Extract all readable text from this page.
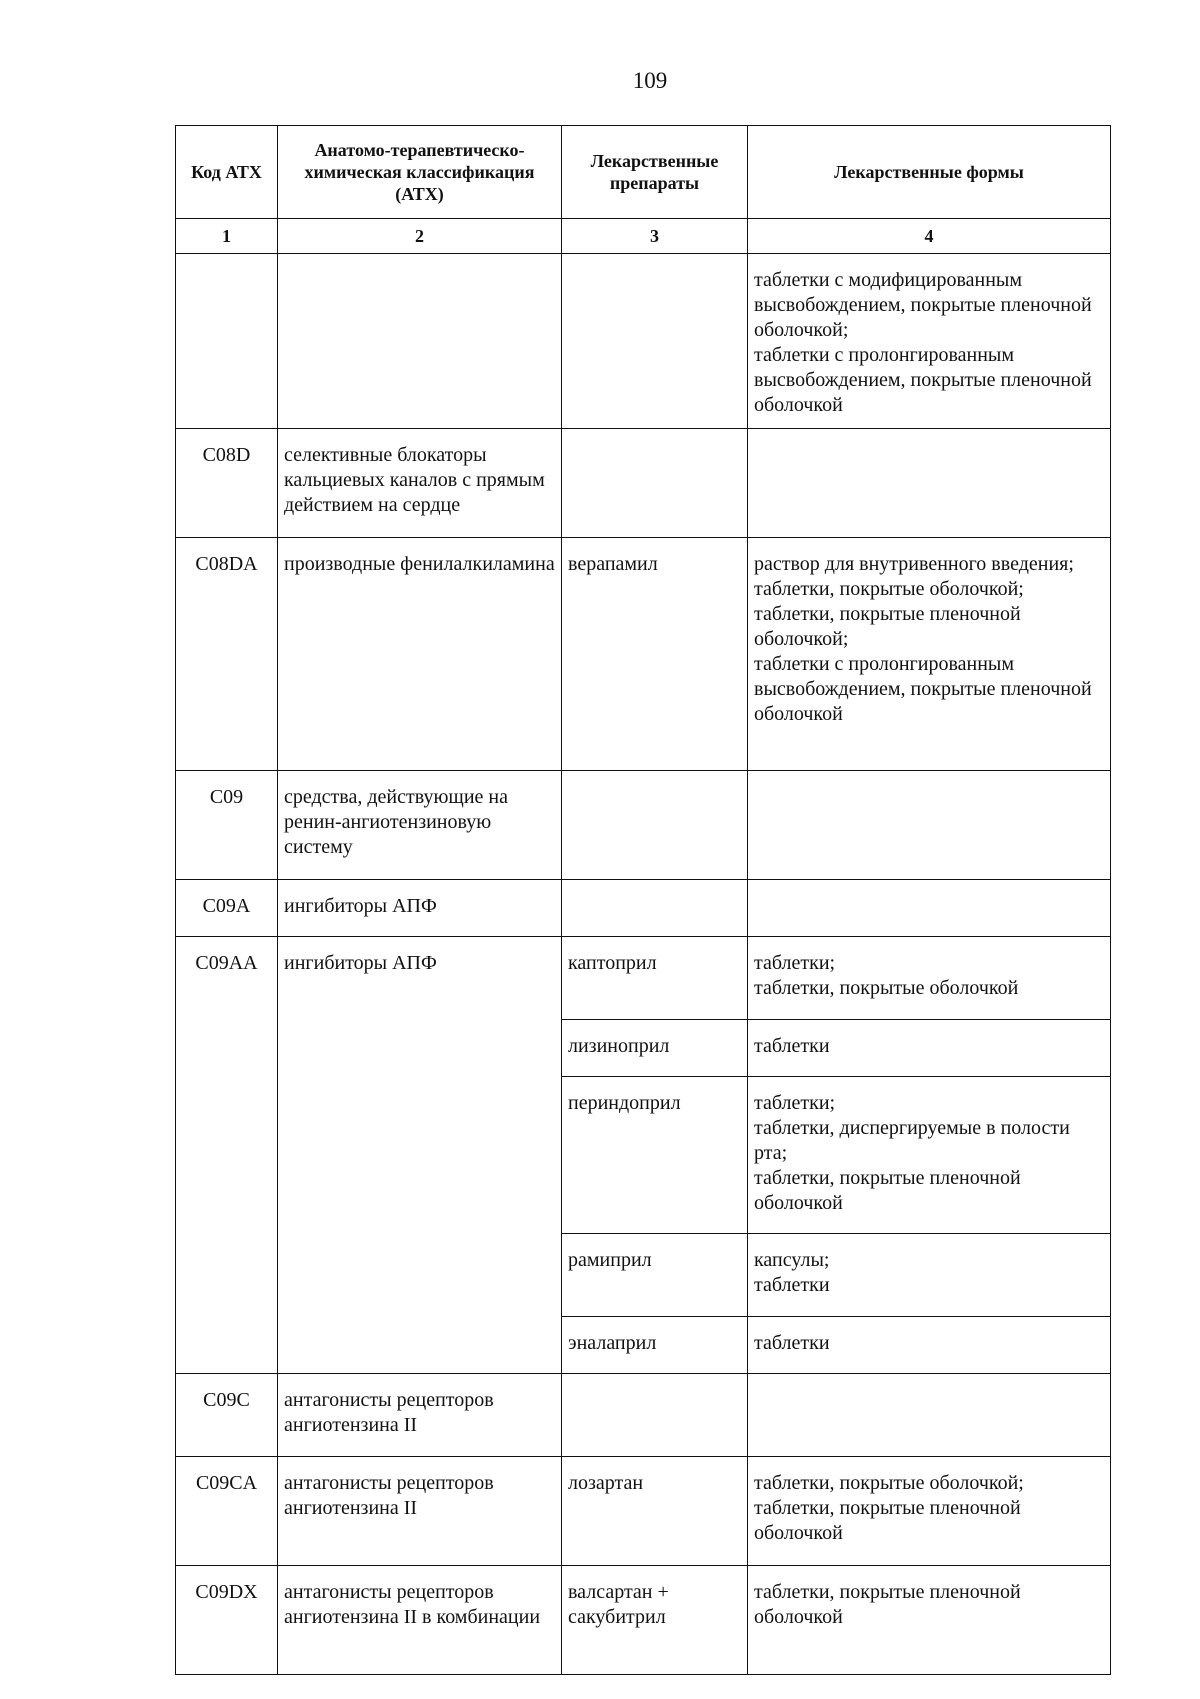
109
Код АТХ	Анатомо-терапевтическо-химическая классификация (АТХ)	Лекарственные препараты	Лекарственные формы
1	2	3	4

			таблетки с модифицированным высвобождением, покрытые пленочной оболочкой;
таблетки с пролонгированным высвобождением, покрытые пленочной оболочкой

C08D	селективные блокаторы кальциевых каналов с прямым действием на сердце		
C08DA	производные фенилалкиламина	верапамил	раствор для внутривенного введения;
таблетки, покрытые оболочкой;
таблетки, покрытые пленочной оболочкой;
таблетки с пролонгированным высвобождением, покрытые пленочной оболочкой

C09	средства, действующие на ренин-ангиотензиновую систему		
C09A	ингибиторы АПФ		
C09AA	ингибиторы АПФ	каптоприл	таблетки;
таблетки, покрытые оболочкой

		лизиноприл	таблетки

		периндоприл	таблетки;
таблетки, диспергируемые в полости рта;
таблетки, покрытые пленочной оболочкой

		рамиприл	капсулы;
таблетки

		эналаприл	таблетки

C09C	антагонисты рецепторов ангиотензина II		
C09CA	антагонисты рецепторов ангиотензина II	лозартан	таблетки, покрытые оболочкой;
таблетки, покрытые пленочной оболочкой

C09DX	антагонисты рецепторов ангиотензина II в комбинации	валсартан + сакубитрил	таблетки, покрытые пленочной оболочкой
